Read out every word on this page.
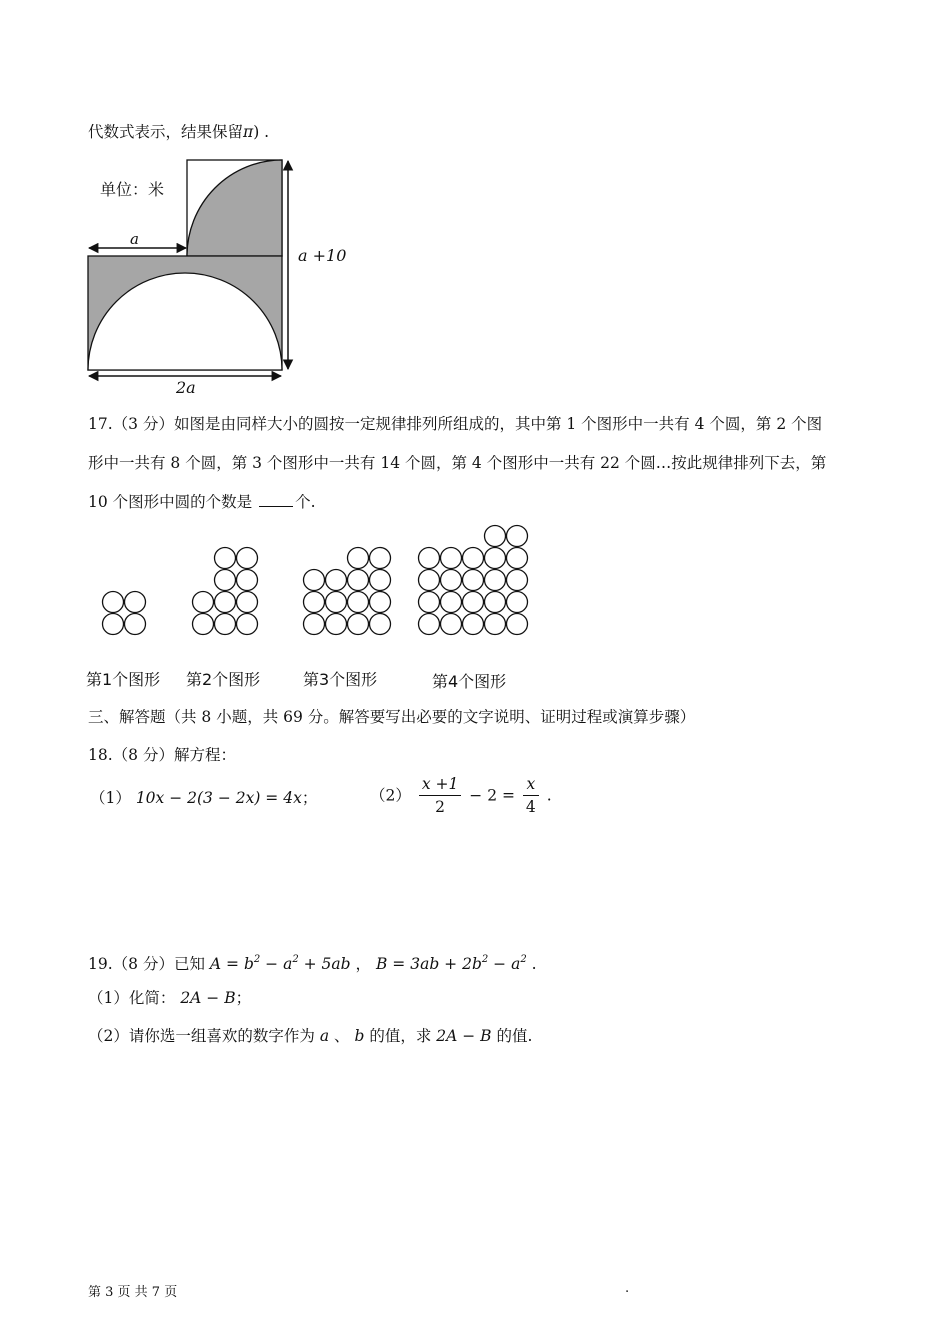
代数式表示，结果保留π) .
单位：米
a
a +10
2a
17.（3 分）如图是由同样大小的圆按一定规律排列所组成的，其中第 1 个图形中一共有 4 个圆，第 2 个图
形中一共有 8 个圆，第 3 个图形中一共有 14 个圆，第 4 个图形中一共有 22 个圆…按此规律排列下去，第
10 个图形中圆的个数是	个.
第1个图形 第2个图形	第3个图形	第4个图形
三、解答题（共 8 小题，共 69 分。解答要写出必要的文字说明、证明过程或演算步骤）
18.（8 分）解方程：
（1） 10x − 2(3 − 2x) = 4x；	$(2) \frac{x +1}{2} - 2 = \frac{x}{4}$ .
19.（8 分）已知 $A = b^2 - a^2 + 5ab$ ， $B = 3ab + 2b^2 - a^2$ .
（1）化简： 2A − B；
（2）请你选一组喜欢的数字作为 a 、 b 的值，求 2A − B 的值.
第 3 页 共 7 页	.
